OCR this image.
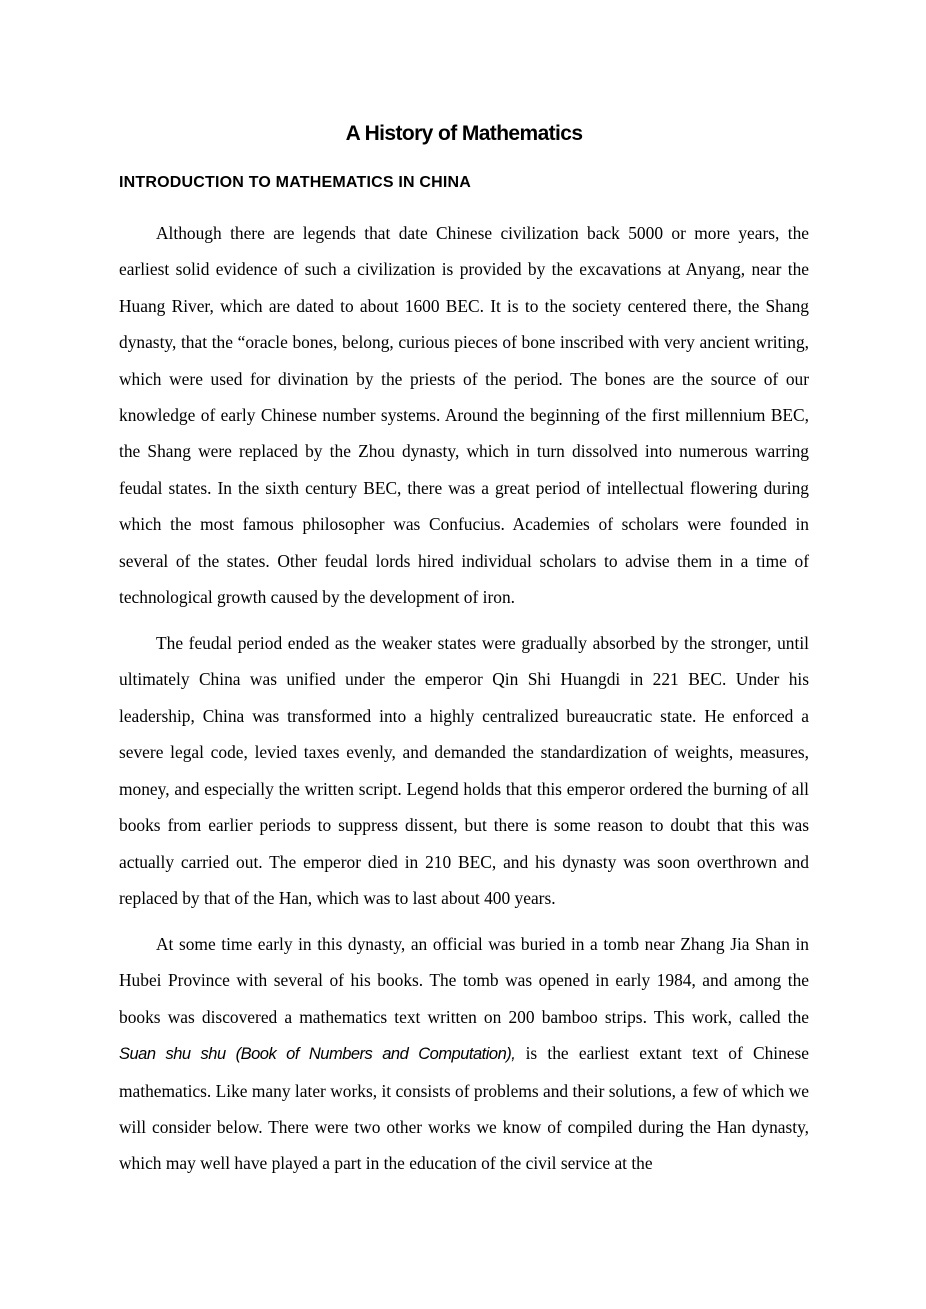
A History of Mathematics
INTRODUCTION TO MATHEMATICS IN CHINA

Although there are legends that date Chinese civilization back 5000 or more years, the earliest solid evidence of such a civilization is provided by the excavations at Anyang, near the Huang River, which are dated to about 1600 BEC. It is to the society centered there, the Shang dynasty, that the “oracle bones, belong, curious pieces of bone inscribed with very ancient writing, which were used for divination by the priests of the period. The bones are the source of our knowledge of early Chinese number systems. Around the beginning of the first millennium BEC, the Shang were replaced by the Zhou dynasty, which in turn dissolved into numerous warring feudal states. In the sixth century BEC, there was a great period of intellectual flowering during which the most famous philosopher was Confucius. Academies of scholars were founded in several of the states. Other feudal lords hired individual scholars to advise them in a time of technological growth caused by the development of iron.

The feudal period ended as the weaker states were gradually absorbed by the stronger, until ultimately China was unified under the emperor Qin Shi Huangdi in 221 BEC. Under his leadership, China was transformed into a highly centralized bureaucratic state. He enforced a severe legal code, levied taxes evenly, and demanded the standardization of weights, measures, money, and especially the written script. Legend holds that this emperor ordered the burning of all books from earlier periods to suppress dissent, but there is some reason to doubt that this was actually carried out. The emperor died in 210 BEC, and his dynasty was soon overthrown and replaced by that of the Han, which was to last about 400 years.

At some time early in this dynasty, an official was buried in a tomb near Zhang Jia Shan in Hubei Province with several of his books. The tomb was opened in early 1984, and among the books was discovered a mathematics text written on 200 bamboo strips. This work, called the Suan shu shu (Book of Numbers and Computation), is the earliest extant text of Chinese mathematics. Like many later works, it consists of problems and their solutions, a few of which we will consider below. There were two other works we know of compiled during the Han dynasty, which may well have played a part in the education of the civil service at the
